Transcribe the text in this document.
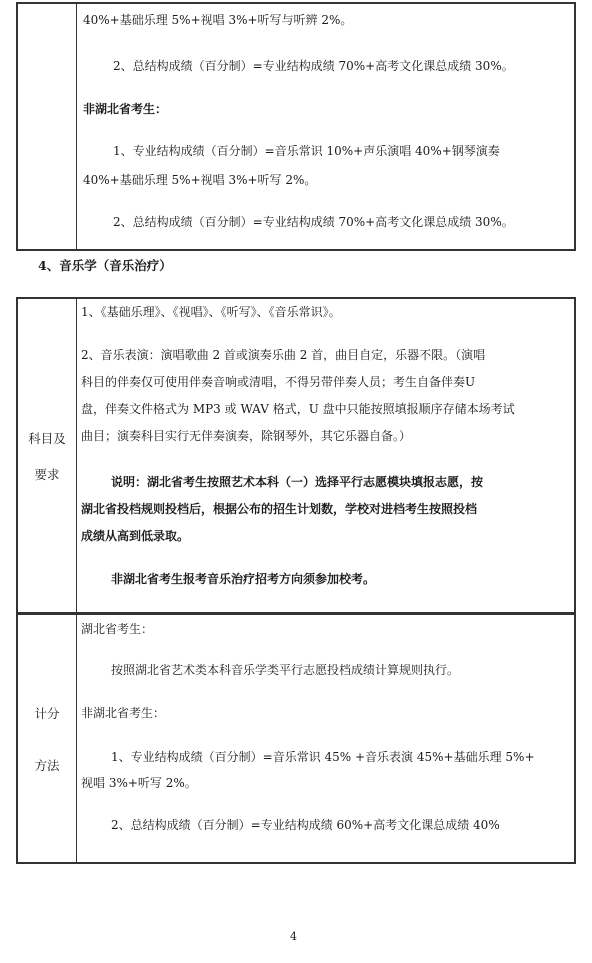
40%+基础乐理 5%+视唱 3%+听写与听辨 2%。
2、总结构成绩（百分制）=专业结构成绩 70%+高考文化课总成绩 30%。
非湖北省考生：
1、专业结构成绩（百分制）=音乐常识 10%+声乐演唱 40%+钢琴演奏
40%+基础乐理 5%+视唱 3%+听写 2%。
2、总结构成绩（百分制）=专业结构成绩 70%+高考文化课总成绩 30%。
4、音乐学（音乐治疗）
科目及
要求
1、《基础乐理》、《视唱》、《听写》、《音乐常识》。
2、音乐表演：演唱歌曲 2 首或演奏乐曲 2 首，曲目自定，乐器不限。（演唱
科目的伴奏仅可使用伴奏音响或清唱，不得另带伴奏人员；考生自备伴奏U
盘，伴奏文件格式为 MP3 或 WAV 格式，U 盘中只能按照填报顺序存储本场考试
曲目；演奏科目实行无伴奏演奏，除钢琴外，其它乐器自备。）
说明：湖北省考生按照艺术本科（一）选择平行志愿模块填报志愿，按
湖北省投档规则投档后，根据公布的招生计划数，学校对进档考生按照投档
成绩从高到低录取。
非湖北省考生报考音乐治疗招考方向须参加校考。
计分
方法
湖北省考生：
按照湖北省艺术类本科音乐学类平行志愿投档成绩计算规则执行。
非湖北省考生：
1、专业结构成绩（百分制）=音乐常识 45% +音乐表演 45%+基础乐理 5%+
视唱 3%+听写 2%。
2、总结构成绩（百分制）=专业结构成绩 60%+高考文化课总成绩 40%
4
